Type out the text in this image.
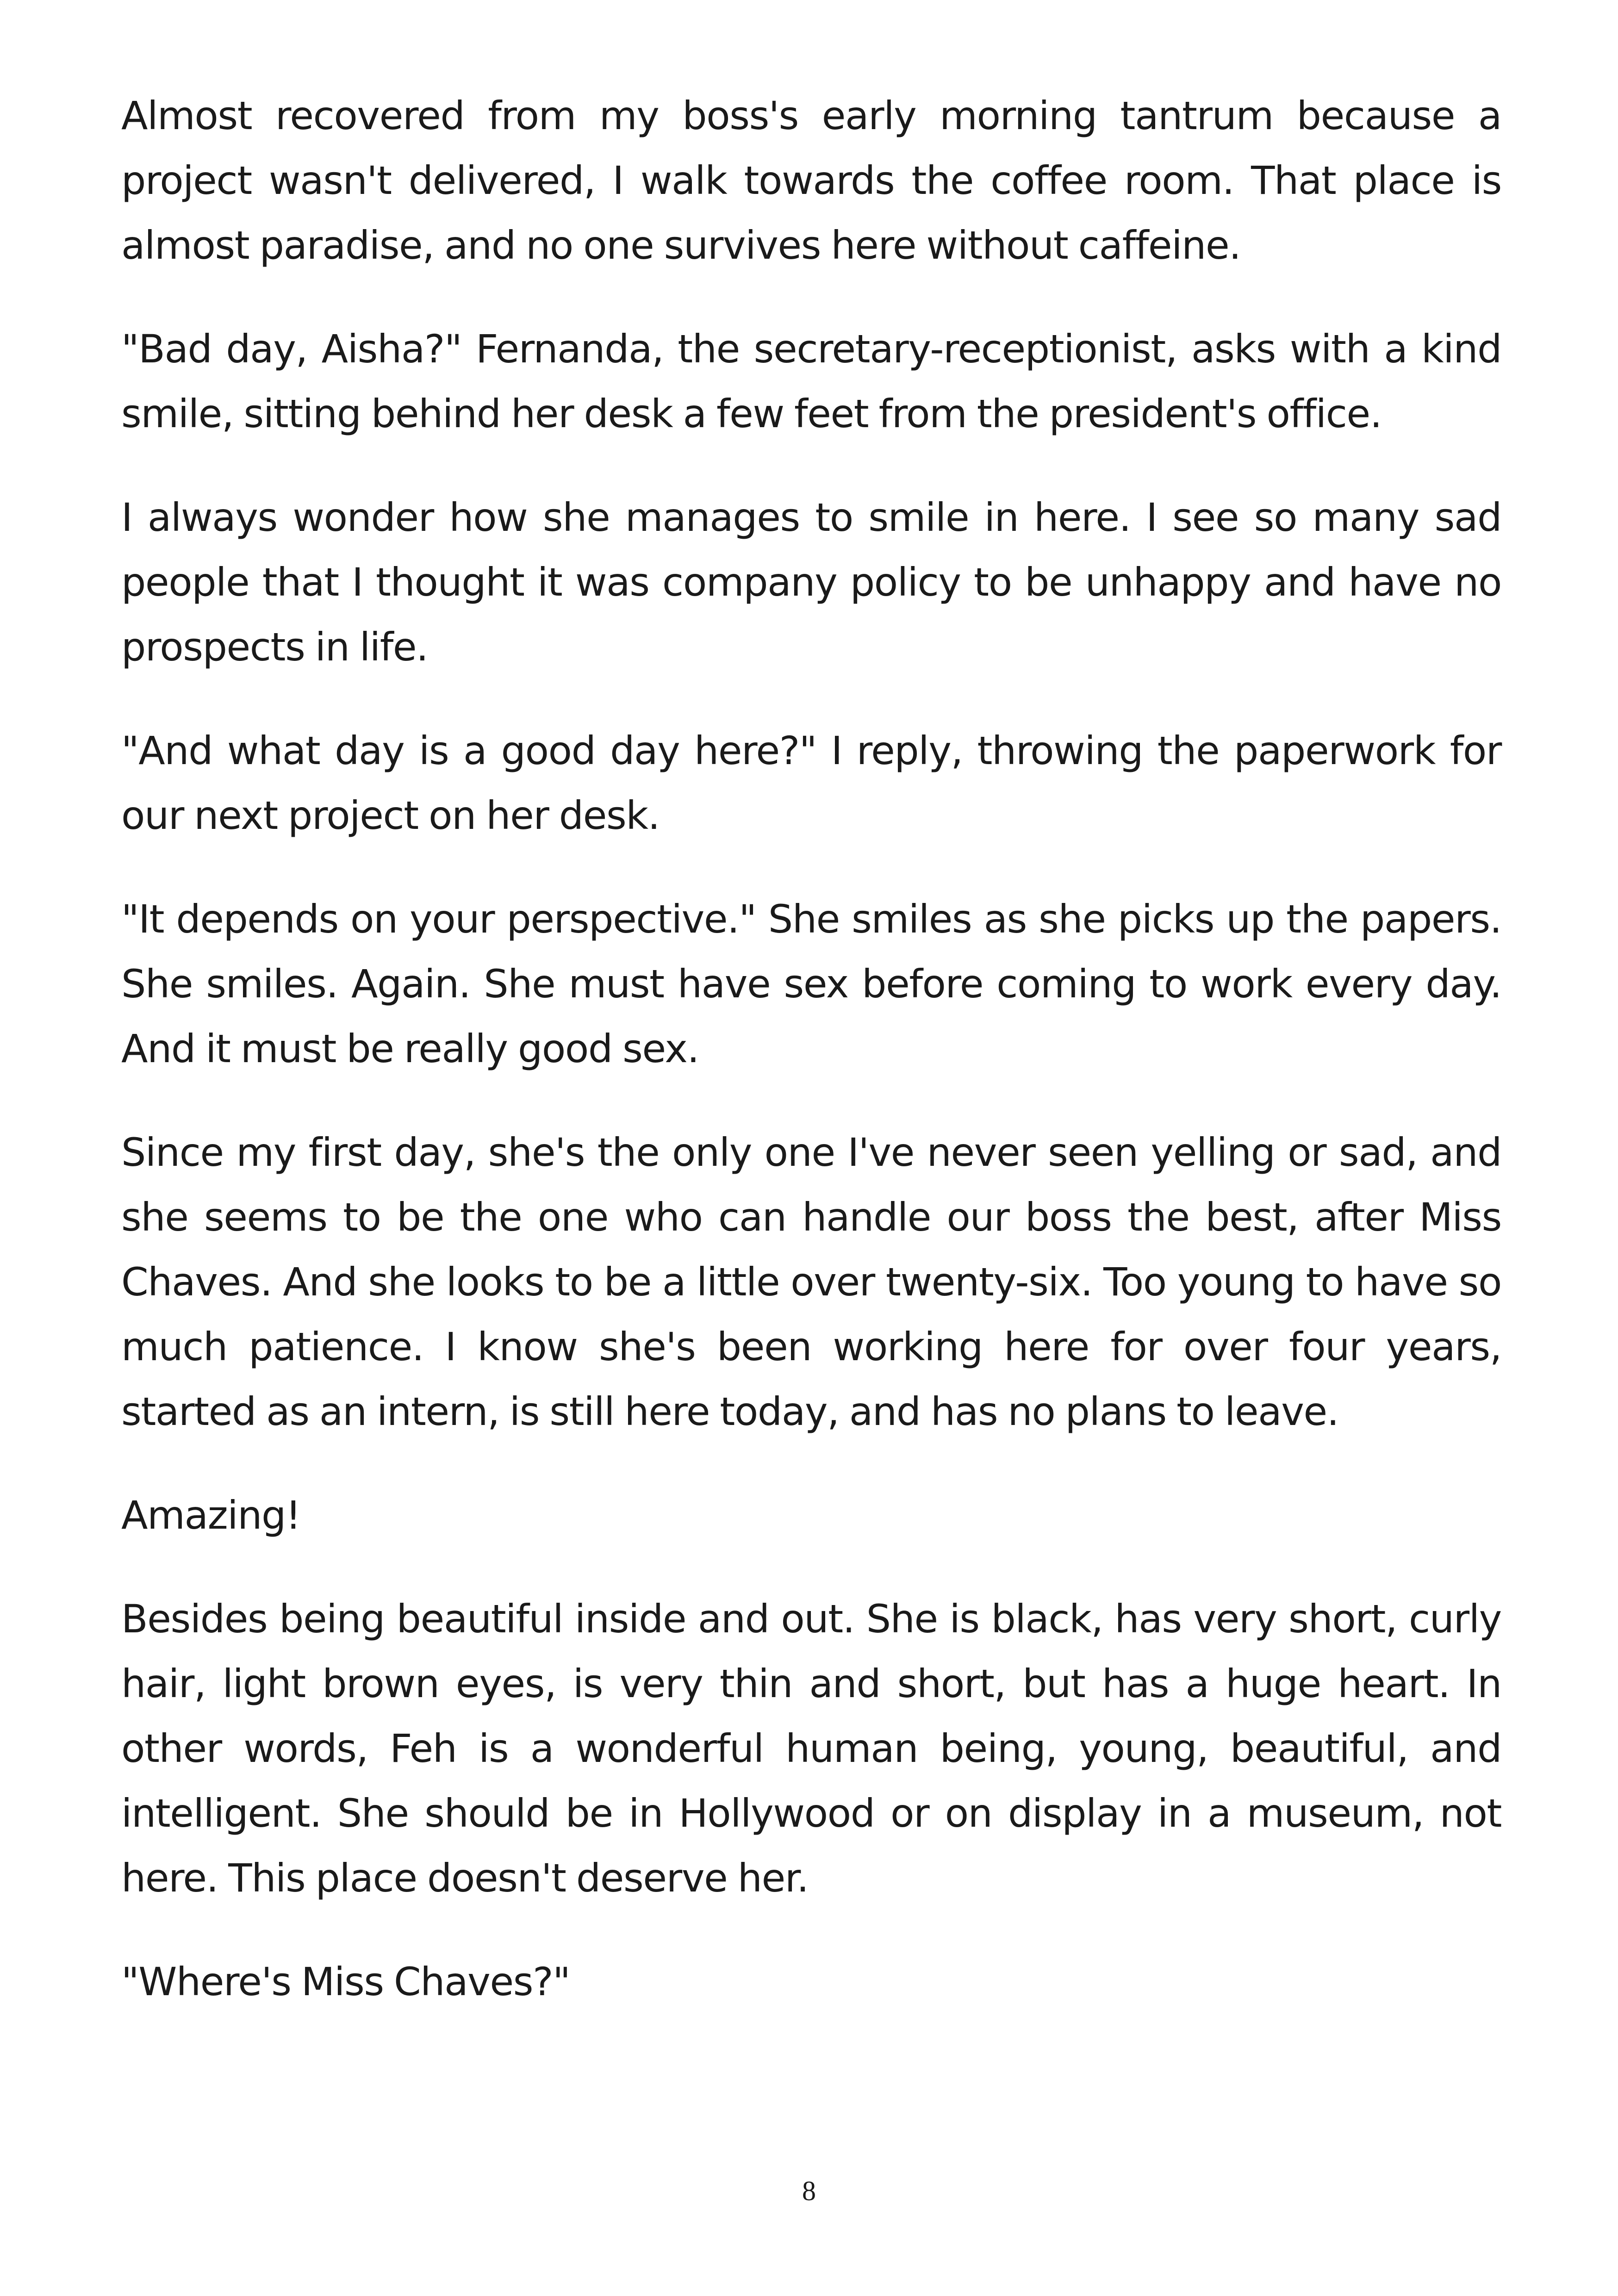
Almost recovered from my boss's early morning tantrum because a project wasn't delivered, I walk towards the coffee room. That place is almost paradise, and no one survives here without caffeine.

"Bad day, Aisha?" Fernanda, the secretary-receptionist, asks with a kind smile, sitting behind her desk a few feet from the president's office.

I always wonder how she manages to smile in here. I see so many sad people that I thought it was company policy to be unhappy and have no prospects in life.

"And what day is a good day here?" I reply, throwing the paperwork for our next project on her desk.

"It depends on your perspective." She smiles as she picks up the papers. She smiles. Again. She must have sex before coming to work every day. And it must be really good sex.

Since my first day, she's the only one I've never seen yelling or sad, and she seems to be the one who can handle our boss the best, after Miss Chaves. And she looks to be a little over twenty-six. Too young to have so much patience. I know she's been working here for over four years, started as an intern, is still here today, and has no plans to leave.

Amazing!

Besides being beautiful inside and out. She is black, has very short, curly hair, light brown eyes, is very thin and short, but has a huge heart. In other words, Feh is a wonderful human being, young, beautiful, and intelligent. She should be in Hollywood or on display in a museum, not here. This place doesn't deserve her.

"Where's Miss Chaves?"

8
